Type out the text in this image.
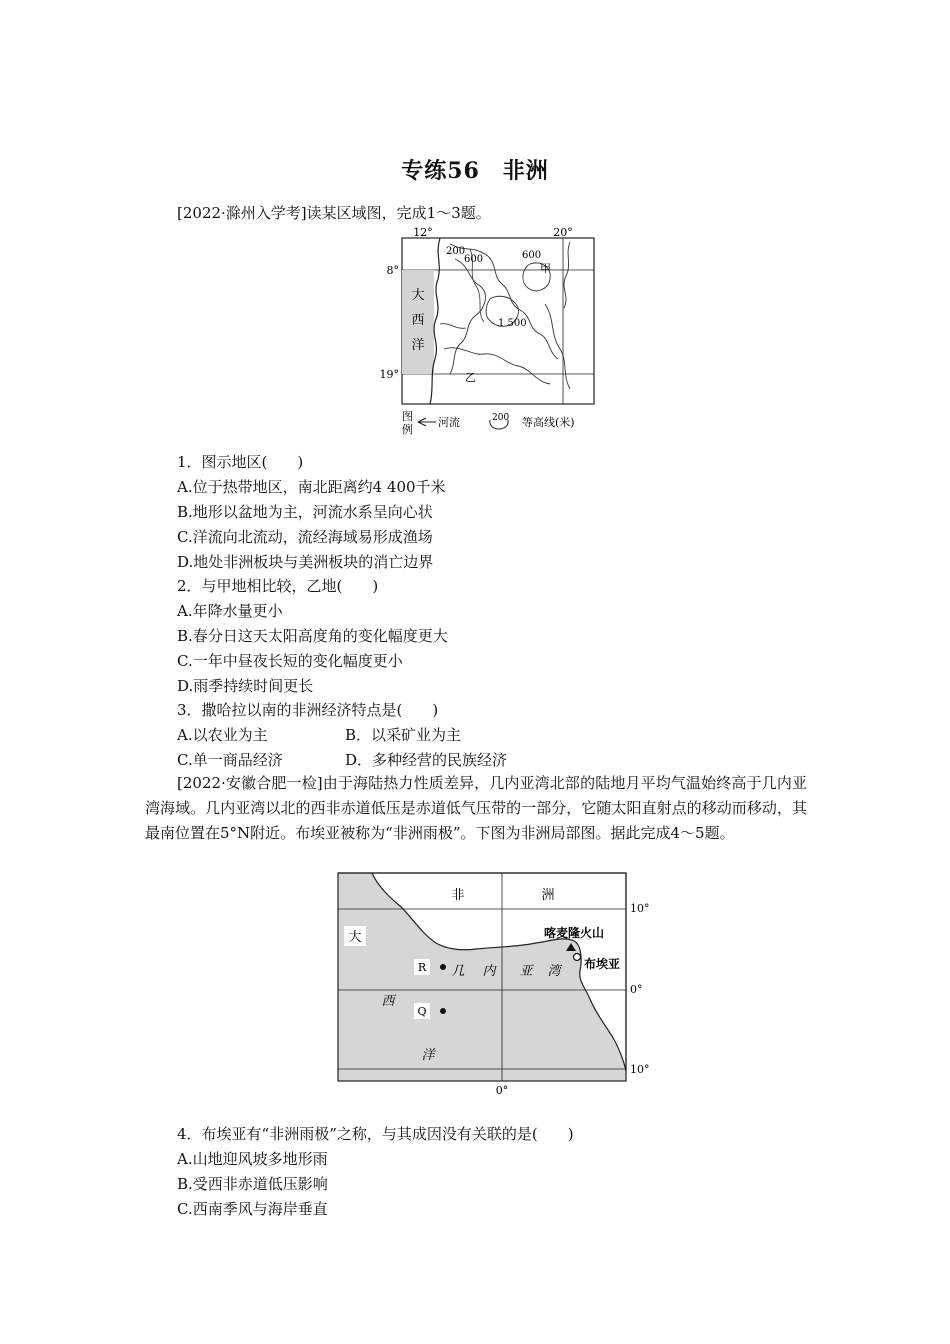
专练56　非洲
[2022·滁州入学考]读某区域图，完成1～3题。
12°	20°
8°
19°
大
西
洋
200
600	600
1 500
甲
乙
图
例
河流	200 等高线(米)
1．图示地区(　　)
A.位于热带地区，南北距离约4 400千米
B.地形以盆地为主，河流水系呈向心状
C.洋流向北流动，流经海域易形成渔场
D.地处非洲板块与美洲板块的消亡边界
2．与甲地相比较，乙地(　　)
A.年降水量更小
B.春分日这天太阳高度角的变化幅度更大
C.一年中昼夜长短的变化幅度更小
D.雨季持续时间更长
3．撒哈拉以南的非洲经济特点是(　　)
A.以农业为主	B．以采矿业为主
C.单一商品经济	D．多种经营的民族经济
[2022·安徽合肥一检]由于海陆热力性质差异，几内亚湾北部的陆地月平均气温始终高于几内亚湾海域。几内亚湾以北的西非赤道低压是赤道低气压带的一部分，它随太阳直射点的移动而移动，其最南位置在5°N附近。布埃亚被称为“非洲雨极”。下图为非洲局部图。据此完成4～5题。
非	洲
大
西
洋
几 内 亚 湾
R
Q
喀麦隆火山
布埃亚
10°
0°
10°
0°
4．布埃亚有“非洲雨极”之称，与其成因没有关联的是(　　)
A.山地迎风坡多地形雨
B.受西非赤道低压影响
C.西南季风与海岸垂直
